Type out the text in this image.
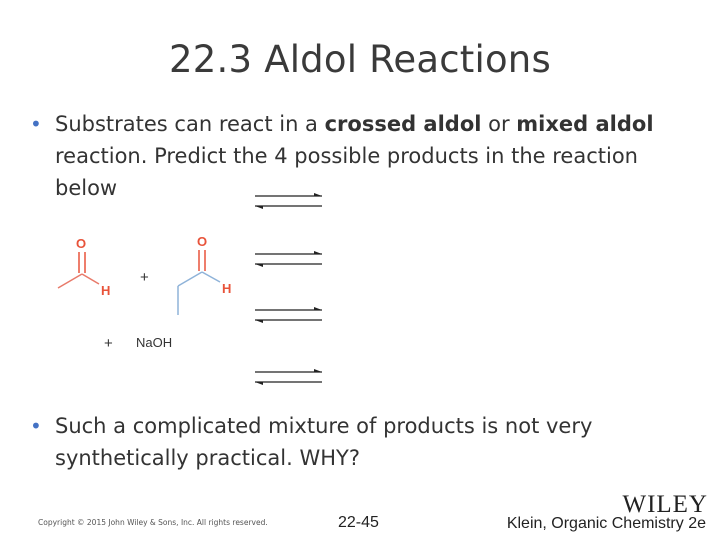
22.3 Aldol Reactions
• Substrates can react in a crossed aldol or mixed aldol reaction. Predict the 4 possible products in the reaction below
O
H
+
O
H
+ NaOH
• Such a complicated mixture of products is not very synthetically practical. WHY?
Copyright © 2015 John Wiley & Sons, Inc. All rights reserved.	22-45
WILEY
Klein, Organic Chemistry 2e
